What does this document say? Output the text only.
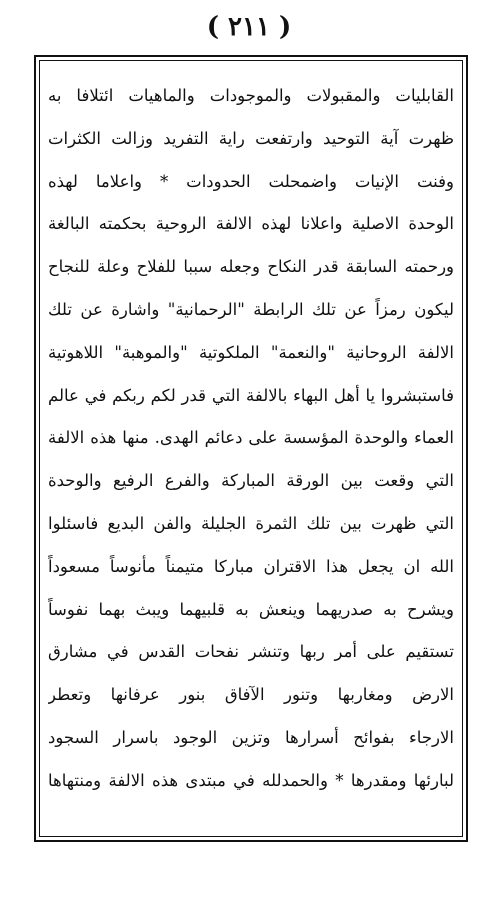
( ٢١١ )
القابليات والمقبولات والموجودات والماهيات ائتلافا به
ظهرت آية التوحيد وارتفعت راية التفريد وزالت الكثرات
وفنت الإنيات واضمحلت الحدودات * واعلاما لهذه
الوحدة الاصلية واعلانا لهذه الالفة الروحية بحكمته البالغة
ورحمته السابقة قدر النكاح وجعله سببا للفلاح وعلة للنجاح
ليكون رمزاً عن تلك الرابطة "الرحمانية" واشارة عن تلك
الالفة الروحانية "والنعمة" الملكوتية "والموهبة" اللاهوتية
فاستبشروا يا أهل البهاء بالالفة التي قدر لكم ربكم في عالم
العماء والوحدة المؤسسة على دعائم الهدى. منها هذه الالفة
التي وقعت بين الورقة المباركة والفرع الرفيع والوحدة
التي ظهرت بين تلك الثمرة الجليلة والفن البديع فاسئلوا
الله ان يجعل هذا الاقتران مباركا متيمناً مأنوساً مسعوداً
ويشرح به صدريهما وينعش به قلبيهما ويبث بهما نفوساً
تستقيم على أمر ربها وتنشر نفحات القدس في مشارق
الارض ومغاربها وتنور الآفاق بنور عرفانها وتعطر
الارجاء بفوائح أسرارها وتزين الوجود باسرار السجود
لبارئها ومقدرها * والحمدلله في مبتدى هذه الالفة ومنتهاها
